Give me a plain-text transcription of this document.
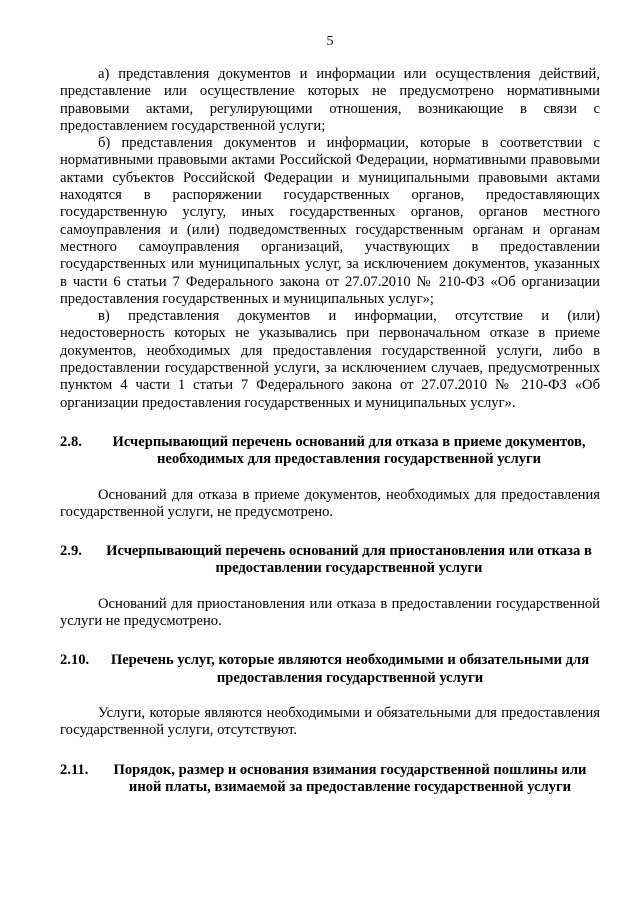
5

а) представления документов и информации или осуществления действий, представление или осуществление которых не предусмотрено нормативными правовыми актами, регулирующими отношения, возникающие в связи с предоставлением государственной услуги;

б) представления документов и информации, которые в соответствии с нормативными правовыми актами Российской Федерации, нормативными правовыми актами субъектов Российской Федерации и муниципальными правовыми актами находятся в распоряжении государственных органов, предоставляющих государственную услугу, иных государственных органов, органов местного самоуправления и (или) подведомственных государственным органам и органам местного самоуправления организаций, участвующих в предоставлении государственных или муниципальных услуг, за исключением документов, указанных в части 6 статьи 7 Федерального закона от 27.07.2010 № 210-ФЗ «Об организации предоставления государственных и муниципальных услуг»;

в) представления документов и информации, отсутствие и (или) недостоверность которых не указывались при первоначальном отказе в приеме документов, необходимых для предоставления государственной услуги, либо в предоставлении государственной услуги, за исключением случаев, предусмотренных пунктом 4 части 1 статьи 7 Федерального закона от 27.07.2010 № 210-ФЗ «Об организации предоставления государственных и муниципальных услуг».

2.8.	Исчерпывающий перечень оснований для отказа в приеме документов, необходимых для предоставления государственной услуги

Оснований для отказа в приеме документов, необходимых для предоставления государственной услуги, не предусмотрено.

2.9.	Исчерпывающий перечень оснований для приостановления или отказа в предоставлении государственной услуги

Оснований для приостановления или отказа в предоставлении государственной услуги не предусмотрено.

2.10.	Перечень услуг, которые являются необходимыми и обязательными для предоставления государственной услуги

Услуги, которые являются необходимыми и обязательными для предоставления государственной услуги, отсутствуют.

2.11.	Порядок, размер и основания взимания государственной пошлины или иной платы, взимаемой за предоставление государственной услуги
